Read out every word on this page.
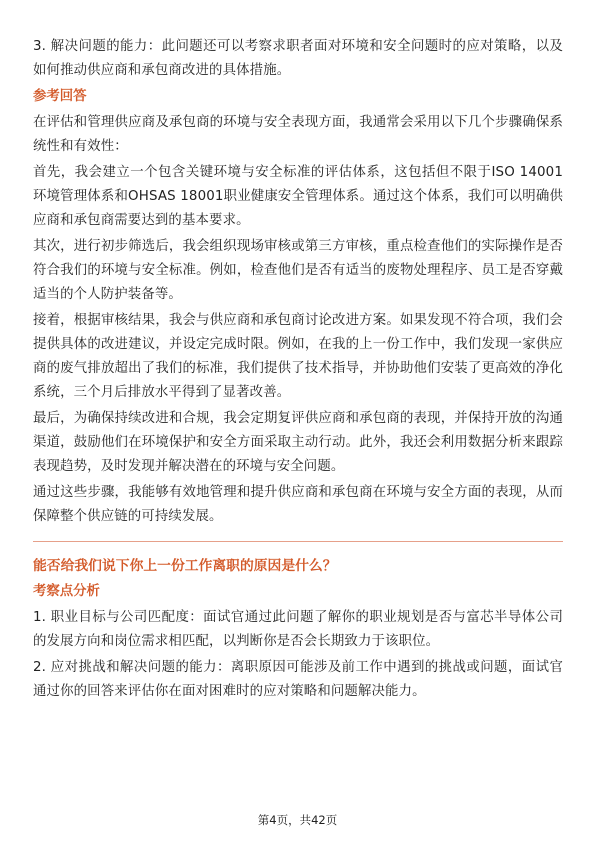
3. 解决问题的能力：此问题还可以考察求职者面对环境和安全问题时的应对策略，以及如何推动供应商和承包商改进的具体措施。

参考回答

在评估和管理供应商及承包商的环境与安全表现方面，我通常会采用以下几个步骤确保系统性和有效性：

首先，我会建立一个包含关键环境与安全标准的评估体系，这包括但不限于ISO 14001环境管理体系和OHSAS 18001职业健康安全管理体系。通过这个体系，我们可以明确供应商和承包商需要达到的基本要求。

其次，进行初步筛选后，我会组织现场审核或第三方审核，重点检查他们的实际操作是否符合我们的环境与安全标准。例如，检查他们是否有适当的废物处理程序、员工是否穿戴适当的个人防护装备等。

接着，根据审核结果，我会与供应商和承包商讨论改进方案。如果发现不符合项，我们会提供具体的改进建议，并设定完成时限。例如，在我的上一份工作中，我们发现一家供应商的废气排放超出了我们的标准，我们提供了技术指导，并协助他们安装了更高效的净化系统，三个月后排放水平得到了显著改善。

最后，为确保持续改进和合规，我会定期复评供应商和承包商的表现，并保持开放的沟通渠道，鼓励他们在环境保护和安全方面采取主动行动。此外，我还会利用数据分析来跟踪表现趋势，及时发现并解决潜在的环境与安全问题。

通过这些步骤，我能够有效地管理和提升供应商和承包商在环境与安全方面的表现，从而保障整个供应链的可持续发展。

能否给我们说下你上一份工作离职的原因是什么？
考察点分析

1. 职业目标与公司匹配度：面试官通过此问题了解你的职业规划是否与富芯半导体公司的发展方向和岗位需求相匹配，以判断你是否会长期致力于该职位。

2. 应对挑战和解决问题的能力：离职原因可能涉及前工作中遇到的挑战或问题，面试官通过你的回答来评估你在面对困难时的应对策略和问题解决能力。

第4页，共42页
